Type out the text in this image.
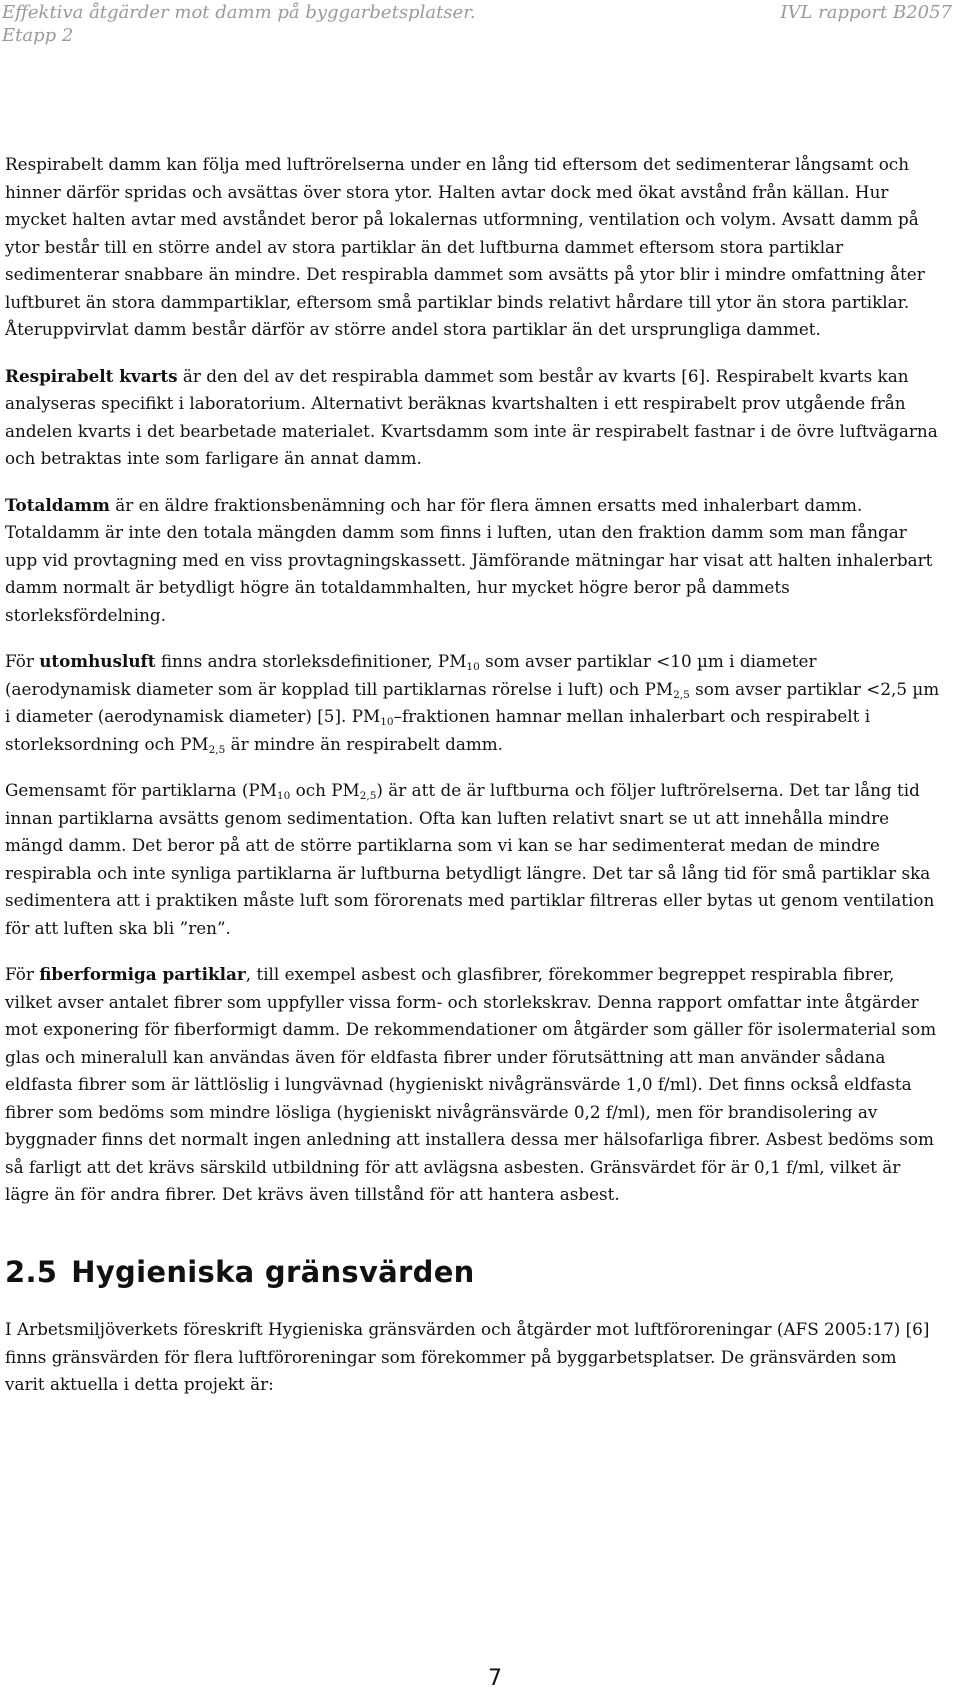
Effektiva åtgärder mot damm på byggarbetsplatser.
Etapp 2
IVL rapport B2057

Respirabelt damm kan följa med luftrörelserna under en lång tid eftersom det sedimenterar långsamt och hinner därför spridas och avsättas över stora ytor. Halten avtar dock med ökat avstånd från källan. Hur mycket halten avtar med avståndet beror på lokalernas utformning, ventilation och volym. Avsatt damm på ytor består till en större andel av stora partiklar än det luftburna dammet eftersom stora partiklar sedimenterar snabbare än mindre. Det respirabla dammet som avsätts på ytor blir i mindre omfattning åter luftburet än stora dammpartiklar, eftersom små partiklar binds relativt hårdare till ytor än stora partiklar. Återuppvirvlat damm består därför av större andel stora partiklar än det ursprungliga dammet.

Respirabelt kvarts är den del av det respirabla dammet som består av kvarts [6]. Respirabelt kvarts kan analyseras specifikt i laboratorium. Alternativt beräknas kvartshalten i ett respirabelt prov utgående från andelen kvarts i det bearbetade materialet. Kvartsdamm som inte är respirabelt fastnar i de övre luftvägarna och betraktas inte som farligare än annat damm.

Totaldamm är en äldre fraktionsbenämning och har för flera ämnen ersatts med inhalerbart damm. Totaldamm är inte den totala mängden damm som finns i luften, utan den fraktion damm som man fångar upp vid provtagning med en viss provtagningskassett. Jämförande mätningar har visat att halten inhalerbart damm normalt är betydligt högre än totaldammhalten, hur mycket högre beror på dammets storleksfördelning.

För utomhusluft finns andra storleksdefinitioner, $PM_{10}$ som avser partiklar <10 µm i diameter (aerodynamisk diameter som är kopplad till partiklarnas rörelse i luft) och $PM_{2,5}$ som avser partiklar <2,5 µm i diameter (aerodynamisk diameter) [5]. $PM_{10}$–fraktionen hamnar mellan inhalerbart och respirabelt i storleksordning och $PM_{2,5}$ är mindre än respirabelt damm.

Gemensamt för partiklarna ($PM_{10}$ och $PM_{2,5}$) är att de är luftburna och följer luftrörelserna. Det tar lång tid innan partiklarna avsätts genom sedimentation. Ofta kan luften relativt snart se ut att innehålla mindre mängd damm. Det beror på att de större partiklarna som vi kan se har sedimenterat medan de mindre respirabla och inte synliga partiklarna är luftburna betydligt längre. Det tar så lång tid för små partiklar ska sedimentera att i praktiken måste luft som förorenats med partiklar filtreras eller bytas ut genom ventilation för att luften ska bli ”ren”.

För fiberformiga partiklar, till exempel asbest och glasfibrer, förekommer begreppet respirabla fibrer, vilket avser antalet fibrer som uppfyller vissa form- och storlekskrav. Denna rapport omfattar inte åtgärder mot exponering för fiberformigt damm. De rekommendationer om åtgärder som gäller för isolermaterial som glas och mineralull kan användas även för eldfasta fibrer under förutsättning att man använder sådana eldfasta fibrer som är lättlöslig i lungvävnad (hygieniskt nivågränsvärde 1,0 f/ml). Det finns också eldfasta fibrer som bedöms som mindre lösliga (hygieniskt nivågränsvärde 0,2 f/ml), men för brandisolering av byggnader finns det normalt ingen anledning att installera dessa mer hälsofarliga fibrer. Asbest bedöms som så farligt att det krävs särskild utbildning för att avlägsna asbesten. Gränsvärdet för är 0,1 f/ml, vilket är lägre än för andra fibrer. Det krävs även tillstånd för att hantera asbest.

2.5 Hygieniska gränsvärden
I Arbetsmiljöverkets föreskrift Hygieniska gränsvärden och åtgärder mot luftföroreningar (AFS 2005:17) [6] finns gränsvärden för flera luftföroreningar som förekommer på byggarbetsplatser. De gränsvärden som varit aktuella i detta projekt är:
7
